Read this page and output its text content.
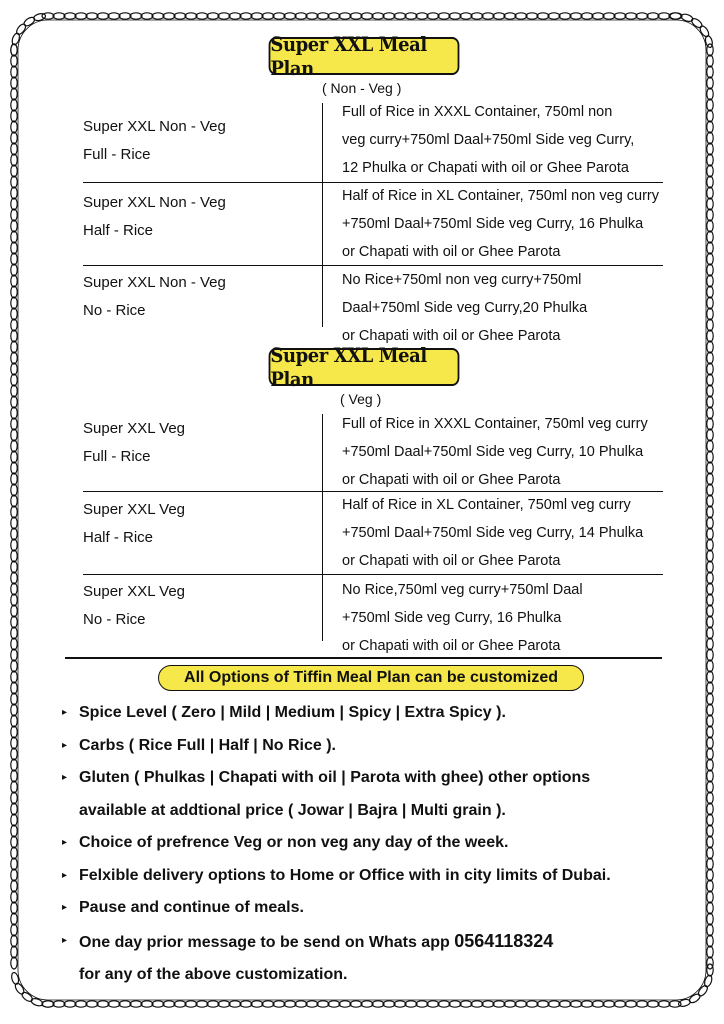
Super XXL Meal Plan
( Non - Veg )
Super XXL Non - Veg
Full - Rice
Full of Rice in XXXL Container, 750ml non
veg curry+750ml Daal+750ml Side veg Curry,
12 Phulka or Chapati with oil or Ghee Parota
Super XXL Non - Veg
Half - Rice
Half of Rice in XL Container, 750ml non veg curry
+750ml Daal+750ml Side veg Curry, 16 Phulka
or Chapati with oil or Ghee Parota
Super XXL Non - Veg
No - Rice
No Rice+750ml non veg curry+750ml
Daal+750ml Side veg Curry,20 Phulka
or Chapati with oil or Ghee Parota
Super XXL Meal Plan
( Veg )
Super XXL Veg
Full - Rice
Full of Rice in XXXL Container, 750ml veg curry
+750ml Daal+750ml Side veg Curry, 10 Phulka
or Chapati with oil or Ghee Parota
Super XXL Veg
Half - Rice
Half of Rice in XL Container, 750ml veg curry
+750ml Daal+750ml Side veg Curry, 14 Phulka
or Chapati with oil or Ghee Parota
Super XXL Veg
No - Rice
No Rice,750ml veg curry+750ml Daal
+750ml Side veg Curry, 16 Phulka
or Chapati with oil or Ghee Parota
All Options of Tiffin Meal Plan can be customized
▸ Spice Level ( Zero | Mild | Medium | Spicy | Extra Spicy ).
▸ Carbs ( Rice Full | Half | No Rice ).
▸ Gluten ( Phulkas | Chapati with oil | Parota with ghee) other options
available at addtional price ( Jowar | Bajra | Multi grain ).
▸ Choice of prefrence Veg or non veg any day of the week.
▸ Felxible delivery options to Home or Office with in city limits of Dubai.
▸ Pause and continue of meals.
▸ One day prior message to be send on Whats app 0564118324
for any of the above customization.
